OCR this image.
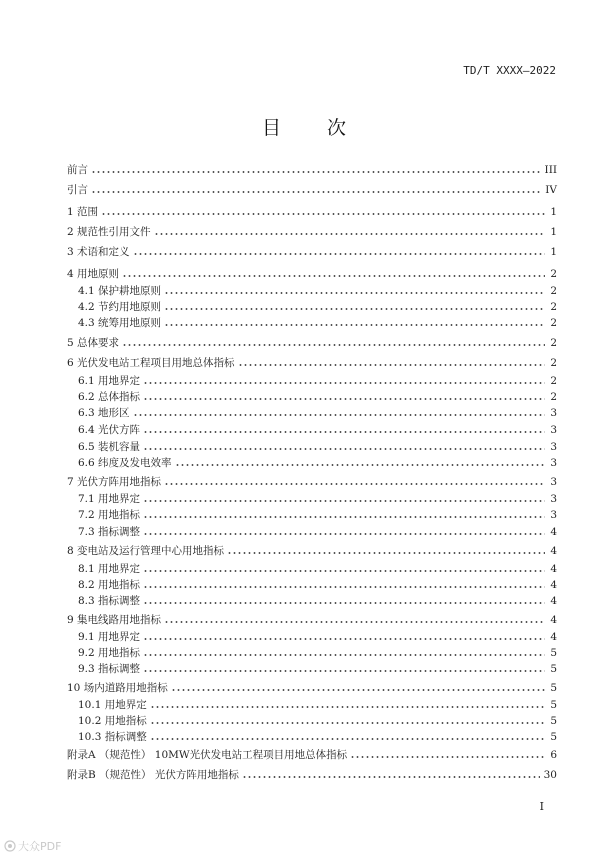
TD/T XXXX—2022
目 次
前言	III
引言	IV
1 范围	1
2 规范性引用文件	1
3 术语和定义	1
4 用地原则	2
4.1 保护耕地原则	2
4.2 节约用地原则	2
4.3 统筹用地原则	2
5 总体要求	2
6 光伏发电站工程项目用地总体指标	2
6.1 用地界定	2
6.2 总体指标	2
6.3 地形区	3
6.4 光伏方阵	3
6.5 装机容量	3
6.6 纬度及发电效率	3
7 光伏方阵用地指标	3
7.1 用地界定	3
7.2 用地指标	3
7.3 指标调整	4
8 变电站及运行管理中心用地指标	4
8.1 用地界定	4
8.2 用地指标	4
8.3 指标调整	4
9 集电线路用地指标	4
9.1 用地界定	4
9.2 用地指标	5
9.3 指标调整	5
10 场内道路用地指标	5
10.1 用地界定	5
10.2 用地指标	5
10.3 指标调整	5
附录A （规范性） 10MW光伏发电站工程项目用地总体指标	6
附录B （规范性） 光伏方阵用地指标	30
I
大众PDF
